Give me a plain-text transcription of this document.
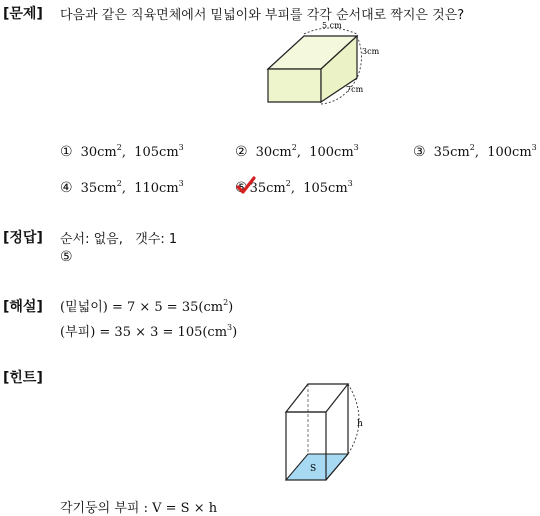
[문제] 다음과 같은 직육면체에서 밑넓이와 부피를 각각 순서대로 짝지은 것은?
5 cm
3cm
7cm
① $30cm^2$,  $105cm^3$	② $30cm^2$,  $100cm^3$	③ $35cm^2$,  $100cm^3$
④ $35cm^2$,  $110cm^3$	⑤ $35cm^2$,  $105cm^3$
[정답] 순서: 없음,   갯수: 1
⑤
[해설] (밑넓이) = $7 \times 5 = 35(cm^2)$
(부피) = $35 \times 3 = 105(cm^3)$
[힌트]
h
S
각기둥의 부피 : V = S × h
